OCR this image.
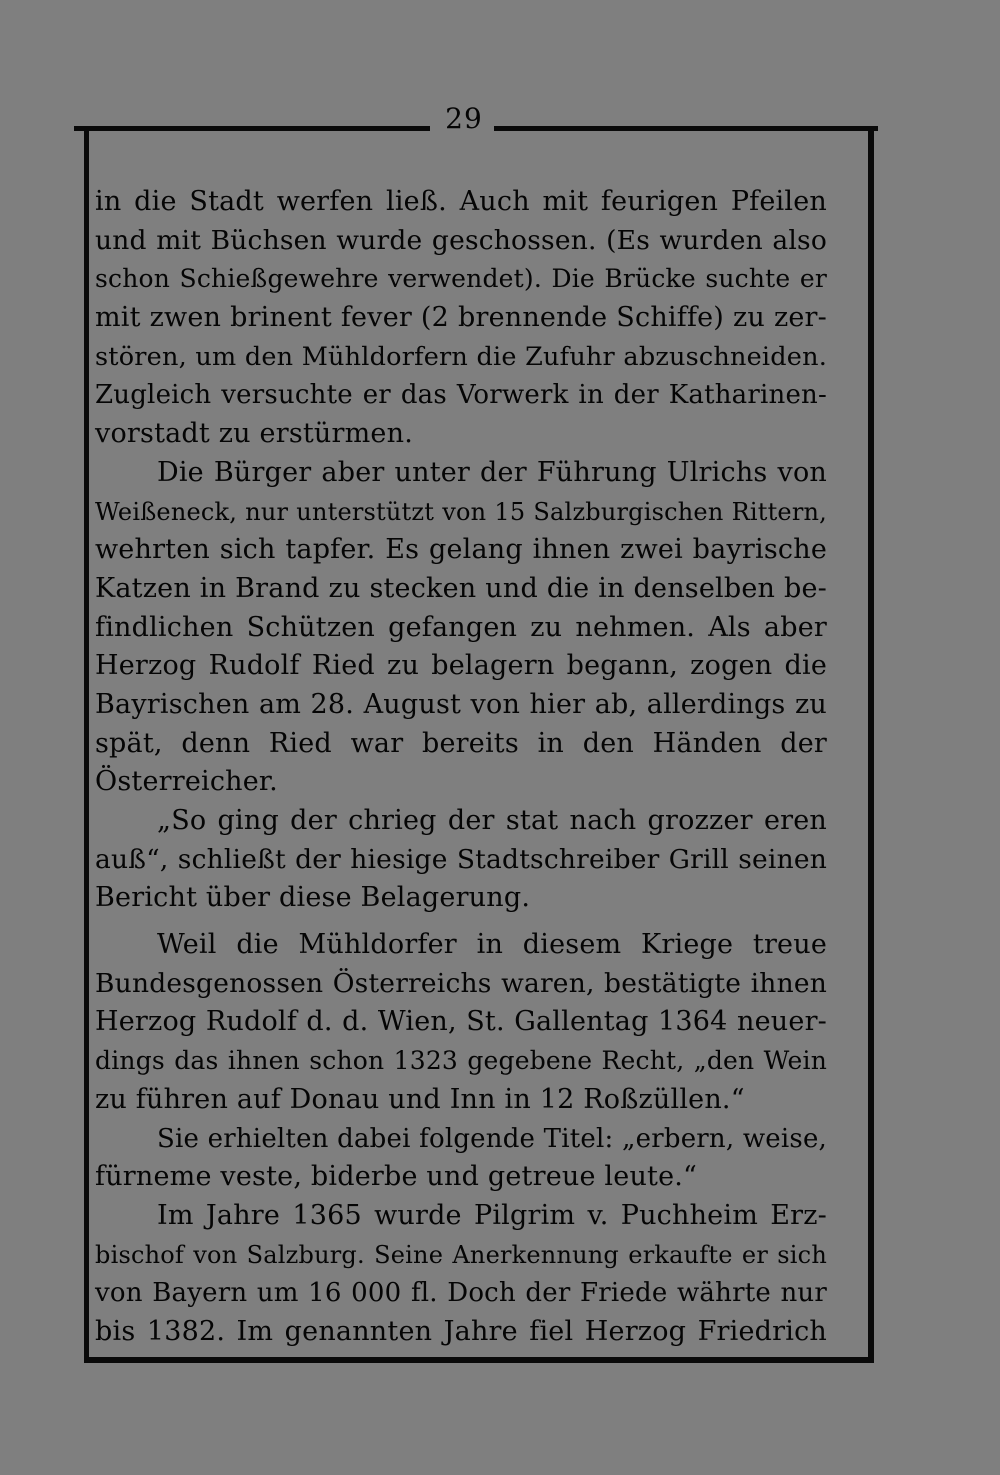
29
in die Stadt werfen ließ. Auch mit feurigen Pfeilen
und mit Büchsen wurde geschossen. (Es wurden also
schon Schießgewehre verwendet). Die Brücke suchte er
mit zwen brinent fever (2 brennende Schiffe) zu zer-
stören, um den Mühldorfern die Zufuhr abzuschneiden.
Zugleich versuchte er das Vorwerk in der Katharinen-
vorstadt zu erstürmen.
Die Bürger aber unter der Führung Ulrichs von
Weißeneck, nur unterstützt von 15 Salzburgischen Rittern,
wehrten sich tapfer. Es gelang ihnen zwei bayrische
Katzen in Brand zu stecken und die in denselben be-
findlichen Schützen gefangen zu nehmen. Als aber
Herzog Rudolf Ried zu belagern begann, zogen die
Bayrischen am 28. August von hier ab, allerdings zu
spät, denn Ried war bereits in den Händen der
Österreicher.
„So ging der chrieg der stat nach grozzer eren
auß“, schließt der hiesige Stadtschreiber Grill seinen
Bericht über diese Belagerung.
Weil die Mühldorfer in diesem Kriege treue
Bundesgenossen Österreichs waren, bestätigte ihnen
Herzog Rudolf d. d. Wien, St. Gallentag 1364 neuer-
dings das ihnen schon 1323 gegebene Recht, „den Wein
zu führen auf Donau und Inn in 12 Roßzüllen.“
Sie erhielten dabei folgende Titel: „erbern, weise,
fürneme veste, biderbe und getreue leute.“
Im Jahre 1365 wurde Pilgrim v. Puchheim Erz-
bischof von Salzburg. Seine Anerkennung erkaufte er sich
von Bayern um 16 000 fl. Doch der Friede währte nur
bis 1382. Im genannten Jahre fiel Herzog Friedrich
